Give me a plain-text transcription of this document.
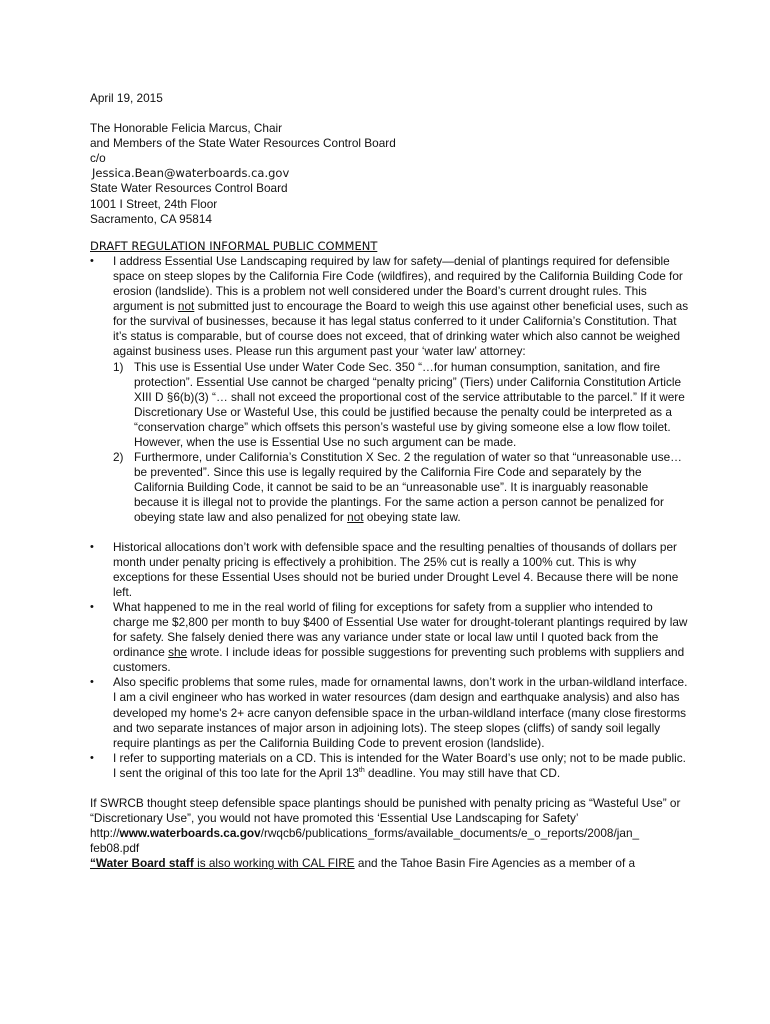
April 19, 2015
The Honorable Felicia Marcus, Chair
and Members of the State Water Resources Control Board
c/o
Jessica.Bean@waterboards.ca.gov
State Water Resources Control Board
1001 I Street, 24th Floor
Sacramento, CA 95814
DRAFT REGULATION INFORMAL PUBLIC COMMENT
•	I address Essential Use Landscaping required by law for safety—denial of plantings required for defensible space on steep slopes by the California Fire Code (wildfires), and required by the California Building Code for erosion (landslide). This is a problem not well considered under the Board’s current drought rules. This argument is not submitted just to encourage the Board to weigh this use against other beneficial uses, such as for the survival of businesses, because it has legal status conferred to it under California’s Constitution. That it’s status is comparable, but of course does not exceed, that of drinking water which also cannot be weighed against business uses. Please run this argument past your ‘water law’ attorney:
1) This use is Essential Use under Water Code Sec. 350 “…for human consumption, sanitation, and fire protection”. Essential Use cannot be charged “penalty pricing” (Tiers) under California Constitution Article XIII D §6(b)(3) “… shall not exceed the proportional cost of the service attributable to the parcel.” If it were Discretionary Use or Wasteful Use, this could be justified because the penalty could be interpreted as a “conservation charge” which offsets this person’s wasteful use by giving someone else a low flow toilet. However, when the use is Essential Use no such argument can be made.
2) Furthermore, under California’s Constitution X Sec. 2 the regulation of water so that “unreasonable use…be prevented”. Since this use is legally required by the California Fire Code and separately by the California Building Code, it cannot be said to be an “unreasonable use”. It is inarguably reasonable because it is illegal not to provide the plantings. For the same action a person cannot be penalized for obeying state law and also penalized for not obeying state law.
•	Historical allocations don’t work with defensible space and the resulting penalties of thousands of dollars per month under penalty pricing is effectively a prohibition. The 25% cut is really a 100% cut. This is why exceptions for these Essential Uses should not be buried under Drought Level 4. Because there will be none left.
•	What happened to me in the real world of filing for exceptions for safety from a supplier who intended to charge me $2,800 per month to buy $400 of Essential Use water for drought-tolerant plantings required by law for safety. She falsely denied there was any variance under state or local law until I quoted back from the ordinance she wrote. I include ideas for possible suggestions for preventing such problems with suppliers and customers.
•	Also specific problems that some rules, made for ornamental lawns, don’t work in the urban-wildland interface. I am a civil engineer who has worked in water resources (dam design and earthquake analysis) and also has developed my home's 2+ acre canyon defensible space in the urban-wildland interface (many close firestorms and two separate instances of major arson in adjoining lots). The steep slopes (cliffs) of sandy soil legally require plantings as per the California Building Code to prevent erosion (landslide).
•	I refer to supporting materials on a CD. This is intended for the Water Board’s use only; not to be made public. I sent the original of this too late for the April 13th deadline. You may still have that CD.
If SWRCB thought steep defensible space plantings should be punished with penalty pricing as “Wasteful Use” or “Discretionary Use”, you would not have promoted this ‘Essential Use Landscaping for Safety’
http://www.waterboards.ca.gov/rwqcb6/publications_forms/available_documents/e_o_reports/2008/jan_
feb08.pdf
“Water Board staff is also working with CAL FIRE and the Tahoe Basin Fire Agencies as a member of a
